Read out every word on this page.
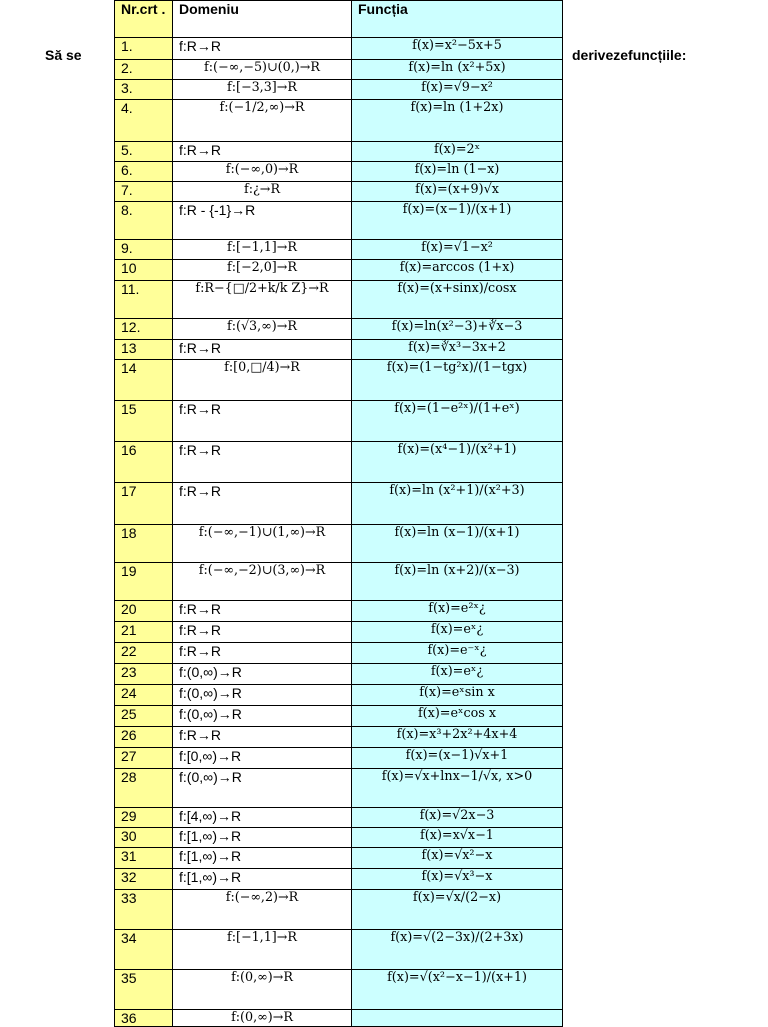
Să se	derivezefuncțiile:
Nr.crt .	Domeniu	Funcția
1.	f:R→R	f(x)=x²−5x+5

2.	f:(−∞,−5)∪(0,)→R	f(x)=ln (x²+5x)

3.	f:[−3,3]→R	f(x)=√9−x²

4.	f:(−1/2,∞)→R	f(x)=ln (1+2x)

5.	f:R→R	f(x)=2ˣ

6.	f:(−∞,0)→R	f(x)=ln (1−x)

7.	f:¿→R	f(x)=(x+9)√x

8.	f:R - {-1}→R	f(x)=(x−1)/(x+1)

9.	f:[−1,1]→R	f(x)=√1−x²

10	f:[−2,0]→R	f(x)=arccos (1+x)

11.	f:R−{□/2+k/k Z}→R	f(x)=(x+sinx)/cosx

12.	f:(√3,∞)→R	f(x)=ln(x²−3)+∛x−3

13	f:R→R	f(x)=∛x³−3x+2

14	f:[0,□/4)→R	f(x)=(1−tg²x)/(1−tgx)

15	f:R→R	f(x)=(1−e²ˣ)/(1+eˣ)

16	f:R→R	f(x)=(x⁴−1)/(x²+1)

17	f:R→R	f(x)=ln (x²+1)/(x²+3)

18	f:(−∞,−1)∪(1,∞)→R	f(x)=ln (x−1)/(x+1)

19	f:(−∞,−2)∪(3,∞)→R	f(x)=ln (x+2)/(x−3)

20	f:R→R	f(x)=e²ˣ¿

21	f:R→R	f(x)=eˣ¿

22	f:R→R	f(x)=e⁻ˣ¿

23	f:(0,∞)→R	f(x)=eˣ¿

24	f:(0,∞)→R	f(x)=eˣsin x

25	f:(0,∞)→R	f(x)=eˣcos x

26	f:R→R	f(x)=x³+2x²+4x+4

27	f:[0,∞)→R	f(x)=(x−1)√x+1

28	f:(0,∞)→R	f(x)=√x+lnx−1/√x, x>0

29	f:[4,∞)→R	f(x)=√2x−3

30	f:[1,∞)→R	f(x)=x√x−1

31	f:[1,∞)→R	f(x)=√x²−x

32	f:[1,∞)→R	f(x)=√x³−x

33	f:(−∞,2)→R	f(x)=√x/(2−x)

34	f:[−1,1]→R	f(x)=√(2−3x)/(2+3x)

35	f:(0,∞)→R	f(x)=√(x²−x−1)/(x+1)

36	f:(0,∞)→R	
